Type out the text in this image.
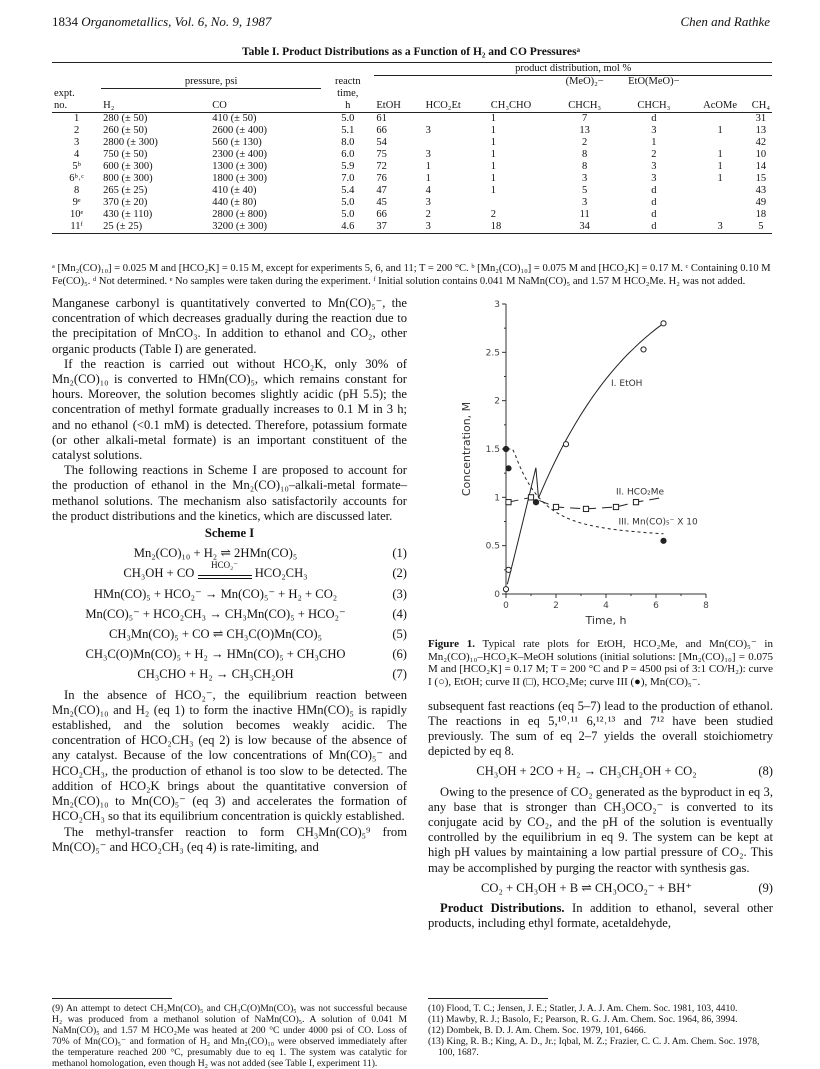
1834 Organometallics, Vol. 6, No. 9, 1987	Chen and Rathke
Table I. Product Distributions as a Function of H₂ and CO Pressuresᵃ
				product distribution, mol %						
	pressure, psi		reactn				(MeO)₂−	EtO(MeO)−		
expt.			time,							
no.	H₂	CO	h	EtOH	HCO₂Et	CH₃CHO	CHCH₃	CHCH₃	AcOMe	CH₄
1	280 (± 50)	410 (± 50)	5.0	61		1	7	d		31
2	260 (± 50)	2600 (± 400)	5.1	66	3	1	13	3	1	13
3	2800 (± 300)	560 (± 130)	8.0	54		1	2	1		42
4	750 (± 50)	2300 (± 400)	6.0	75	3	1	8	2	1	10
5ᵇ	600 (± 300)	1300 (± 300)	5.9	72	1	1	8	3	1	14
6ᵇ˒ᶜ	800 (± 300)	1800 (± 300)	7.0	76	1	1	3	3	1	15
8	265 (± 25)	410 (± 40)	5.4	47	4	1	5	d		43
9ᵉ	370 (± 20)	440 (± 80)	5.0	45	3		3	d		49
10ᵉ	430 (± 110)	2800 (± 800)	5.0	66	2	2	11	d		18
11ᶠ	25 (± 25)	3200 (± 300)	4.6	37	3	18	34	d	3	5
ᵃ [Mn₂(CO)₁₀] = 0.025 M and [HCO₂K] = 0.15 M, except for experiments 5, 6, and 11; T = 200 °C. ᵇ [Mn₂(CO)₁₀] = 0.075 M and [HCO₂K] = 0.17 M. ᶜ Containing 0.10 M Fe(CO)₅. ᵈ Not determined. ᵉ No samples were taken during the experiment. ᶠ Initial solution contains 0.041 M NaMn(CO)₅ and 1.57 M HCO₂Me. H₂ was not added.

Manganese carbonyl is quantitatively converted to Mn(CO)₅⁻, the concentration of which decreases gradually during the reaction due to the precipitation of MnCO₃. In addition to ethanol and CO₂, other organic products (Table I) are generated.

If the reaction is carried out without HCO₂K, only 30% of Mn₂(CO)₁₀ is converted to HMn(CO)₅, which remains constant for hours. Moreover, the solution becomes slightly acidic (pH 5.5); the concentration of methyl formate gradually increases to 0.1 M in 3 h; and no ethanol (<0.1 mM) is detected. Therefore, potassium formate (or other alkali-metal formate) is an important constituent of the catalyst solutions.

The following reactions in Scheme I are proposed to account for the production of ethanol in the Mn₂(CO)₁₀–alkali-metal formate–methanol solutions. The mechanism also satisfactorily accounts for the product distributions and the kinetics, which are discussed later.

Scheme I
Mn₂(CO)₁₀ + H₂ ⇌ 2HMn(CO)₅	(1)
CH₃OH + CO
HCO₂⁻
HCO₂CH₃	(2)
HMn(CO)₅ + HCO₂⁻ → Mn(CO)₅⁻ + H₂ + CO₂	(3)
Mn(CO)₅⁻ + HCO₂CH₃ → CH₃Mn(CO)₅ + HCO₂⁻	(4)
CH₃Mn(CO)₅ + CO ⇌ CH₃C(O)Mn(CO)₅	(5)
CH₃C(O)Mn(CO)₅ + H₂ → HMn(CO)₅ + CH₃CHO	(6)
CH₃CHO + H₂ → CH₃CH₂OH	(7)

In the absence of HCO₂⁻, the equilibrium reaction between Mn₂(CO)₁₀ and H₂ (eq 1) to form the inactive HMn(CO)₅ is rapidly established, and the solution becomes weakly acidic. The concentration of HCO₂CH₃ (eq 2) is low because of the absence of any catalyst. Because of the low concentrations of Mn(CO)₅⁻ and HCO₂CH₃, the production of ethanol is too slow to be detected. The addition of HCO₂K brings about the quantitative conversion of Mn₂(CO)₁₀ to Mn(CO)₅⁻ (eq 3) and accelerates the formation of HCO₂CH₃ so that its equilibrium concentration is quickly established.

The methyl-transfer reaction to form CH₃Mn(CO)₅⁹ from Mn(CO)₅⁻ and HCO₂CH₃ (eq 4) is rate-limiting, and

0
0.5
1
1.5
2
2.5
3
0	2	4	6	8
Concentration, M
Time, h
I. EtOH
II. HCO₂Me
III. Mn(CO)₅⁻ X 10
Figure 1. Typical rate plots for EtOH, HCO₂Me, and Mn(CO)₅⁻ in Mn₂(CO)₁₀–HCO₂K–MeOH solutions (initial solutions: [Mn₂(CO)₁₀] = 0.075 M and [HCO₂K] = 0.17 M; T = 200 °C and P = 4500 psi of 3:1 CO/H₂): curve I (○), EtOH; curve II (□), HCO₂Me; curve III (●), Mn(CO)₅⁻.

subsequent fast reactions (eq 5–7) lead to the production of ethanol. The reactions in eq 5,¹⁰˒¹¹ 6,¹²˒¹³ and 7¹² have been studied previously. The sum of eq 2–7 yields the overall stoichiometry depicted by eq 8.

CH₃OH + 2CO + H₂ → CH₃CH₂OH + CO₂	(8)

Owing to the presence of CO₂ generated as the byproduct in eq 3, any base that is stronger than CH₃OCO₂⁻ is converted to its conjugate acid by CO₂, and the pH of the solution is eventually controlled by the equilibrium in eq 9. The system can be kept at high pH values by maintaining a low partial pressure of CO₂. This may be accomplished by purging the reactor with synthesis gas.

CO₂ + CH₃OH + B ⇌ CH₃OCO₂⁻ + BH⁺	(9)

Product Distributions. In addition to ethanol, several other products, including ethyl formate, acetaldehyde,

(9) An attempt to detect CH₃Mn(CO)₅ and CH₃C(O)Mn(CO)₅ was not successful because H₂ was produced from a methanol solution of NaMn(CO)₅. A solution of 0.041 M NaMn(CO)₅ and 1.57 M HCO₂Me was heated at 200 °C under 4000 psi of CO. Loss of 70% of Mn(CO)₅⁻ and formation of H₂ and Mn₂(CO)₁₀ were observed immediately after the temperature reached 200 °C, presumably due to eq 1. The system was catalytic for methanol homologation, even though H₂ was not added (see Table I, experiment 11).

(10) Flood, T. C.; Jensen, J. E.; Statler, J. A. J. Am. Chem. Soc. 1981, 103, 4410.

(11) Mawby, R. J.; Basolo, F.; Pearson, R. G. J. Am. Chem. Soc. 1964, 86, 3994.

(12) Dombek, B. D. J. Am. Chem. Soc. 1979, 101, 6466.

(13) King, R. B.; King, A. D., Jr.; Iqbal, M. Z.; Frazier, C. C. J. Am. Chem. Soc. 1978, 100, 1687.
